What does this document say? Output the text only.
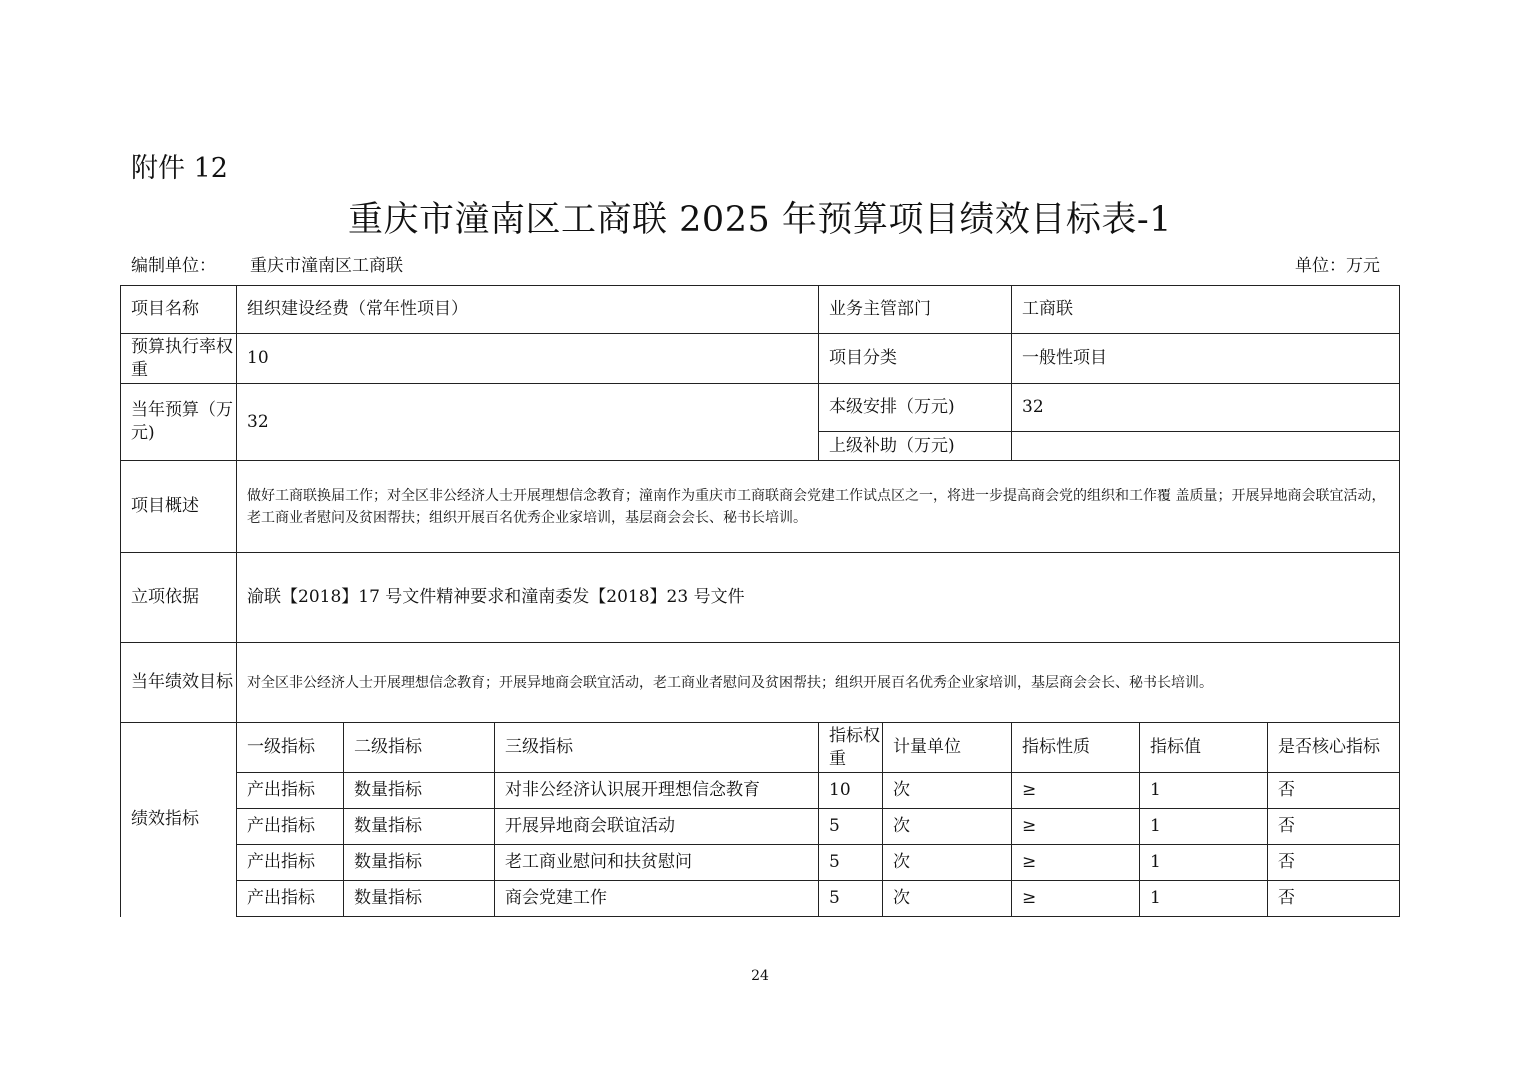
附件 12
重庆市潼南区工商联 2025 年预算项目绩效目标表-1
编制单位： 重庆市潼南区工商联	单位：万元
项目名称	组织建设经费（常年性项目）			业务主管部门		工商联		
预算执行率权重	10			项目分类		一般性项目		
当年预算（万元)	32			本级安排（万元)		32		
				上级补助（万元)				
项目概述	做好工商联换届工作；对全区非公经济人士开展理想信念教育；潼南作为重庆市工商联商会党建工作试点区之一，将进一步提高商会党的组织和工作覆 盖质量；开展异地商会联宜活动，老工商业者慰问及贫困帮扶；组织开展百名优秀企业家培训，基层商会会长、秘书长培训。							
立项依据	渝联【2018】17 号文件精神要求和潼南委发【2018】23 号文件							
当年绩效目标	对全区非公经济人士开展理想信念教育；开展异地商会联宜活动，老工商业者慰问及贫困帮扶；组织开展百名优秀企业家培训，基层商会会长、秘书长培训。							
绩效指标	一级指标	二级指标	三级指标	指标权重	计量单位	指标性质	指标值	是否核心指标
	产出指标	数量指标	对非公经济认识展开理想信念教育	10	次	≥	1	否
	产出指标	数量指标	开展异地商会联谊活动	5	次	≥	1	否
	产出指标	数量指标	老工商业慰问和扶贫慰问	5	次	≥	1	否
	产出指标	数量指标	商会党建工作	5	次	≥	1	否
24
